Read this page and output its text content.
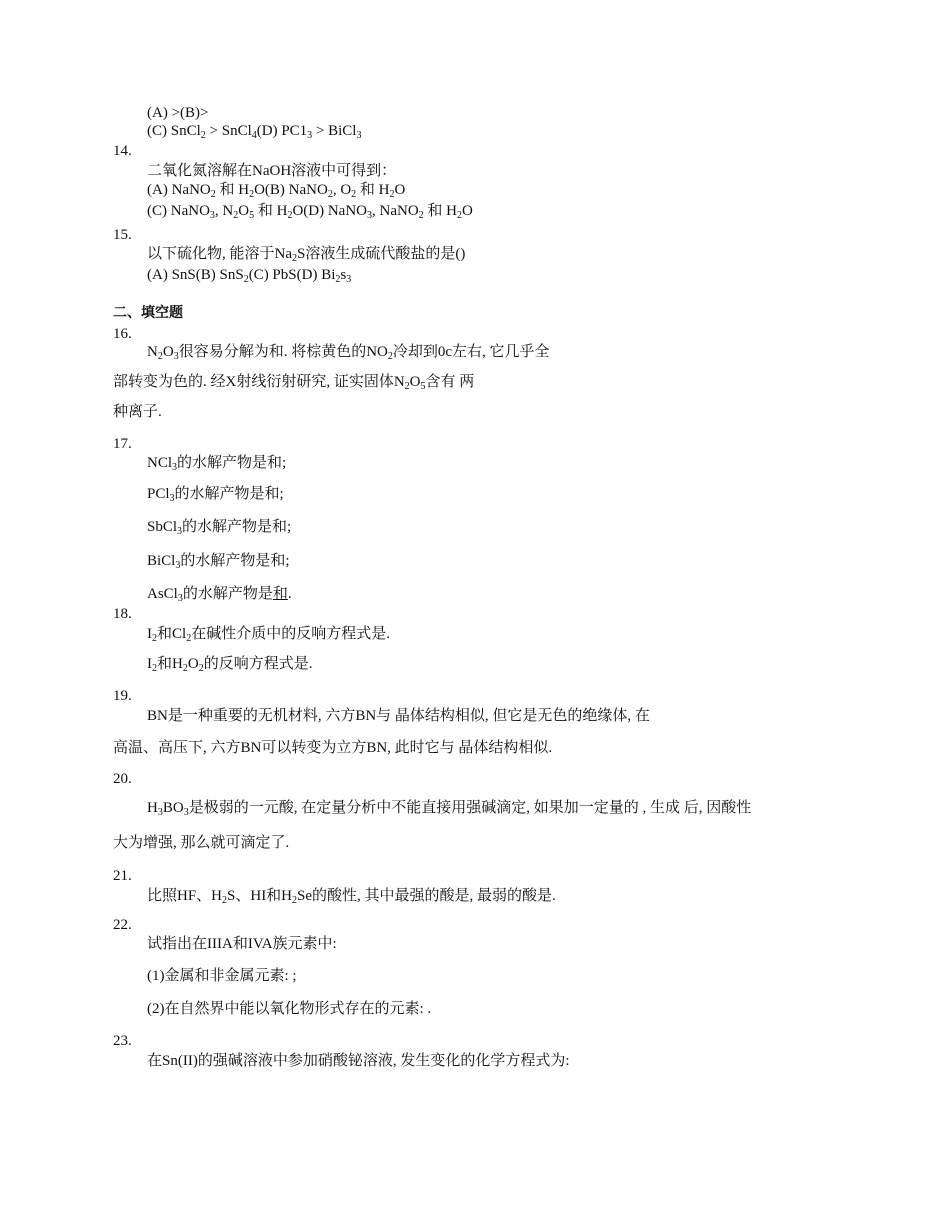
(A) >(B)>
(C) SnCl$_2$ > SnCl$_4$(D) $PC1_3$ > BiCl$_3$
14.
二氧化氮溶解在NaOH溶液中可得到：
(A) NaNO$_2$ 和 $H_2O(B)$ NaNO$_2$, $O_2$ 和 $H_2O$
(C) NaNO$_3$, $N_2O_5$ 和 $H_2O(D)$ NaNO$_3$, NaNO$_2$ 和 $H_2O$
15.
以下硫化物, 能溶于$Na_2S$溶液生成硫代酸盐的是()
(A) SnS(B) SnS$_2$(C) PbS(D) $Bi_2s_3$
二、填空题
16.
$N_2O_3$很容易分解为和. 将棕黄色的$NO_2$冷却到0c左右, 它几乎全
部转变为色的. 经X射线衍射研究, 证实固体$N_2O_5$含有 两
种离子.
17.
NCl$_3$的水解产物是和;
PCl$_3$的水解产物是和;
SbCl$_3$的水解产物是和;
BiCl$_3$的水解产物是和;
AsCl$_3$的水解产物是和.
18.
$I_2$和$Cl_2$在碱性介质中的反响方程式是.
$I_2$和$H_2O_2$的反响方程式是.
19.
BN是一种重要的无机材料, 六方BN与 晶体结构相似, 但它是无色的绝缘体, 在
高温、高压下, 六方BN可以转变为立方BN, 此时它与 晶体结构相似.
20.
$H_3BO_3$是极弱的一元酸, 在定量分析中不能直接用强碱滴定, 如果加一定量的 , 生成 后, 因酸性
大为增强, 那么就可滴定了.
21.
比照HF、$H_2S$、HI和$H_2Se$的酸性, 其中最强的酸是, 最弱的酸是.
22.
试指出在IIIA和IVA族元素中:
(1)金属和非金属元素: ;
(2)在自然界中能以氧化物形式存在的元素: .
23.
在Sn(II)的强碱溶液中参加硝酸铋溶液, 发生变化的化学方程式为:
